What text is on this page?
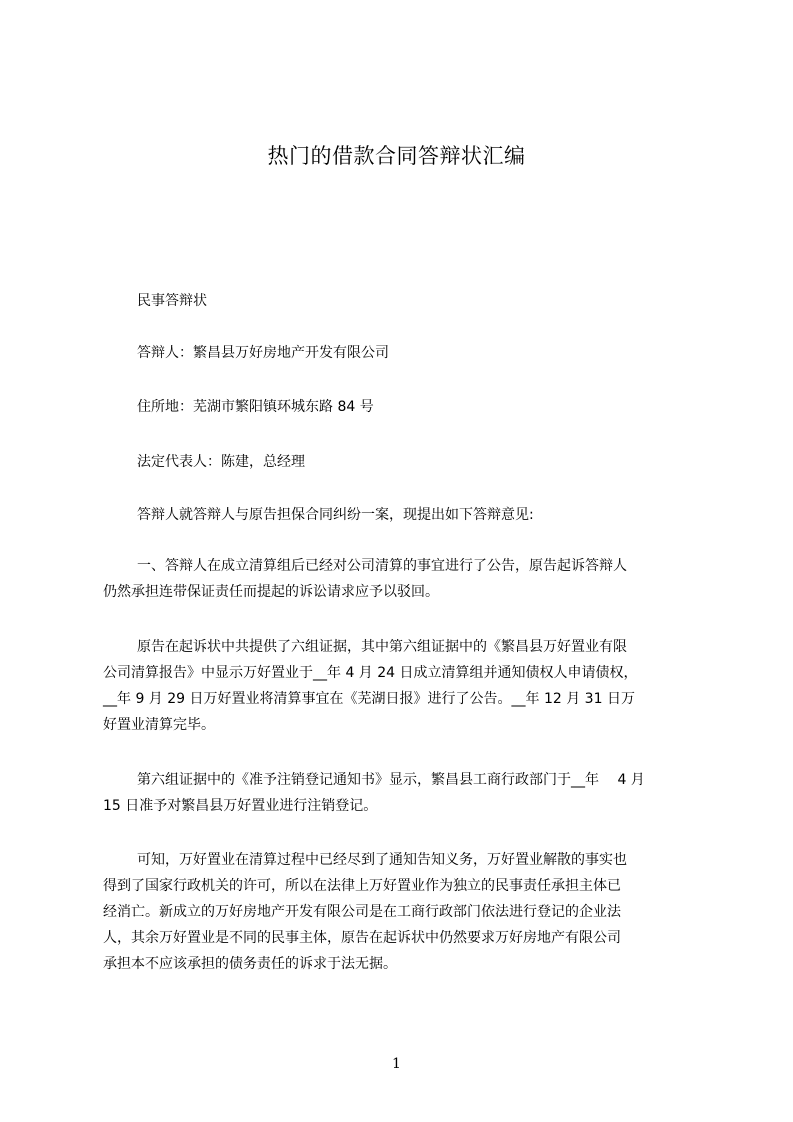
热门的借款合同答辩状汇编
民事答辩状
答辩人：繁昌县万好房地产开发有限公司
住所地：芜湖市繁阳镇环城东路 84 号
法定代表人：陈建，总经理
答辩人就答辩人与原告担保合同纠纷一案，现提出如下答辩意见:
一、答辩人在成立清算组后已经对公司清算的事宜进行了公告，原告起诉答辩人
仍然承担连带保证责任而提起的诉讼请求应予以驳回。
原告在起诉状中共提供了六组证据，其中第六组证据中的《繁昌县万好置业有限
公司清算报告》中显示万好置业于__年 4 月 24 日成立清算组并通知债权人申请债权，
__年 9 月 29 日万好置业将清算事宜在《芜湖日报》进行了公告。__年 12 月 31 日万
好置业清算完毕。
第六组证据中的《准予注销登记通知书》显示，繁昌县工商行政部门于__年　 4 月
15 日准予对繁昌县万好置业进行注销登记。
可知，万好置业在清算过程中已经尽到了通知告知义务，万好置业解散的事实也
得到了国家行政机关的许可，所以在法律上万好置业作为独立的民事责任承担主体已
经消亡。新成立的万好房地产开发有限公司是在工商行政部门依法进行登记的企业法
人，其余万好置业是不同的民事主体，原告在起诉状中仍然要求万好房地产有限公司
承担本不应该承担的债务责任的诉求于法无据。
1
